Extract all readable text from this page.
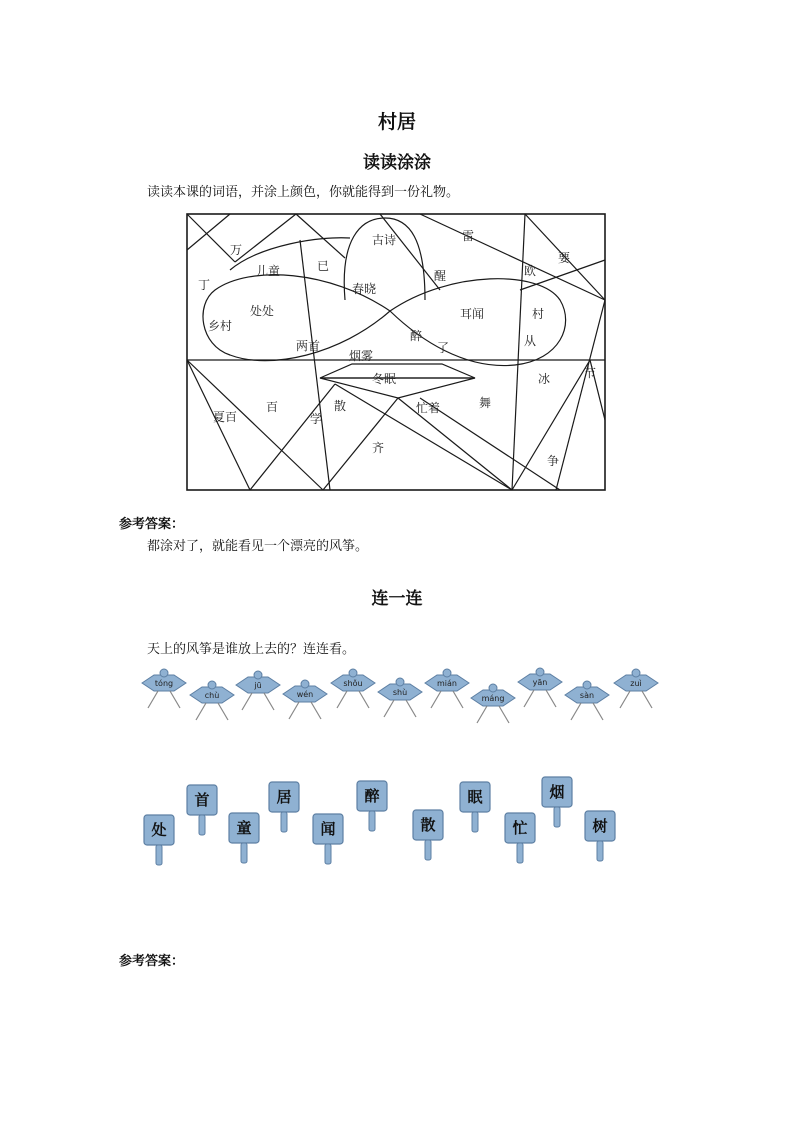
村居
读读涂涂
读读本课的词语，并涂上颜色，你就能得到一份礼物。
万
儿童	已
古诗	雷
丁	春晓
醒	欧
要
乡村
处处	耳闻	村
两首
醉
了	从
烟雾
冬眠	冰	节
夏百
百
学
散	忙着	舞
齐
争
参考答案：
都涂对了，就能看见一个漂亮的风筝。
连一连
天上的风筝是谁放上去的？连连看。
tóng
chù
jū
wén
shǒu
shù
mián
máng
yān
sàn
zuì
处
首
童
居
闻
醉
散
眠
忙
烟
树
参考答案：
